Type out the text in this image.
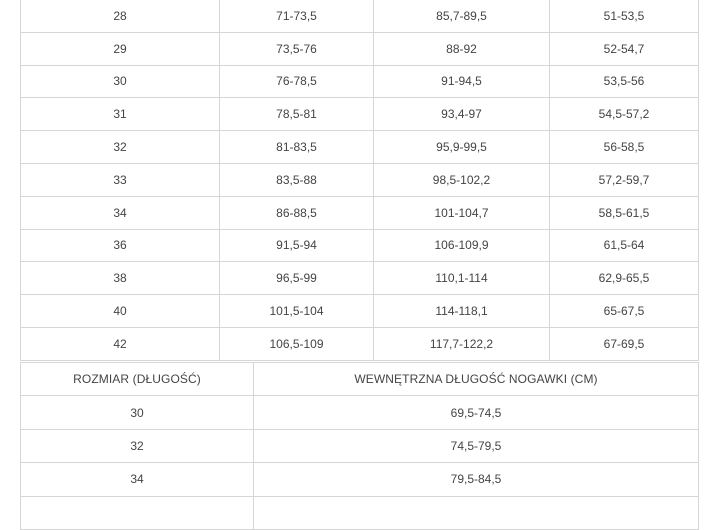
28	71-73,5	85,7-89,5	51-53,5
29	73,5-76	88-92	52-54,7
30	76-78,5	91-94,5	53,5-56
31	78,5-81	93,4-97	54,5-57,2
32	81-83,5	95,9-99,5	56-58,5
33	83,5-88	98,5-102,2	57,2-59,7
34	86-88,5	101-104,7	58,5-61,5
36	91,5-94	106-109,9	61,5-64
38	96,5-99	110,1-114	62,9-65,5
40	101,5-104	114-118,1	65-67,5
42	106,5-109	117,7-122,2	67-69,5
ROZMIAR (DŁUGOŚĆ)	WEWNĘTRZNA DŁUGOŚĆ NOGAWKI (CM)
30	69,5-74,5
32	74,5-79,5
34	79,5-84,5
